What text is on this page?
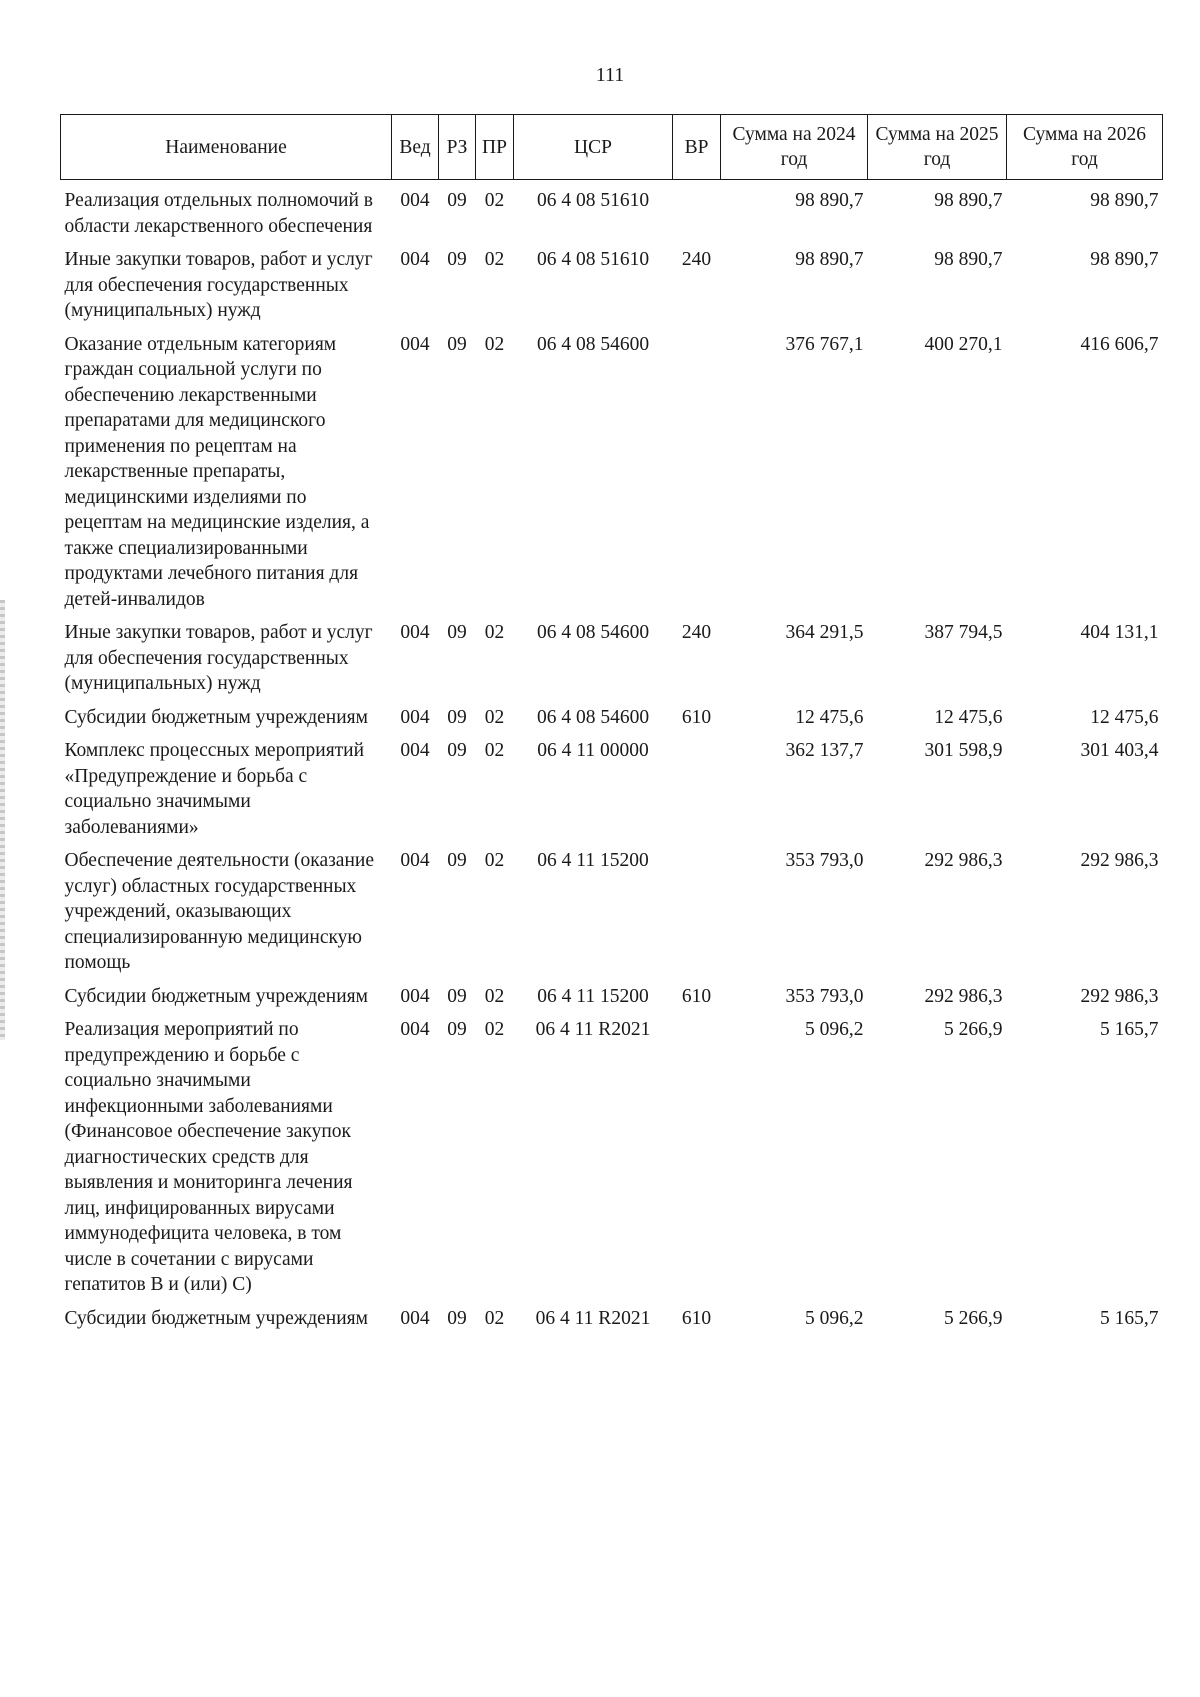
111
Наименование	Вед	РЗ	ПР	ЦСР	ВР	Сумма на 2024 год	Сумма на 2025 год	Сумма на 2026 год
Реализация отдельных полномочий в области лекарственного обеспечения	004	09	02	06 4 08 51610		98 890,7	98 890,7	98 890,7
Иные закупки товаров, работ и услуг для обеспечения государственных (муниципальных) нужд	004	09	02	06 4 08 51610	240	98 890,7	98 890,7	98 890,7
Оказание отдельным категориям граждан социальной услуги по обеспечению лекарственными препаратами для медицинского применения по рецептам на лекарственные препараты, медицинскими изделиями по рецептам на медицинские изделия, а также специализированными продуктами лечебного питания для детей-инвалидов	004	09	02	06 4 08 54600		376 767,1	400 270,1	416 606,7
Иные закупки товаров, работ и услуг для обеспечения государственных (муниципальных) нужд	004	09	02	06 4 08 54600	240	364 291,5	387 794,5	404 131,1
Субсидии бюджетным учреждениям	004	09	02	06 4 08 54600	610	12 475,6	12 475,6	12 475,6
Комплекс процессных мероприятий «Предупреждение и борьба с социально значимыми заболеваниями»	004	09	02	06 4 11 00000		362 137,7	301 598,9	301 403,4
Обеспечение деятельности (оказание услуг) областных государственных учреждений, оказывающих специализированную медицинскую помощь	004	09	02	06 4 11 15200		353 793,0	292 986,3	292 986,3
Субсидии бюджетным учреждениям	004	09	02	06 4 11 15200	610	353 793,0	292 986,3	292 986,3
Реализация мероприятий по предупреждению и борьбе с социально значимыми инфекционными заболеваниями (Финансовое обеспечение закупок диагностических средств для выявления и мониторинга лечения лиц, инфицированных вирусами иммунодефицита человека, в том числе в сочетании с вирусами гепатитов В и (или) С)	004	09	02	06 4 11 R2021		5 096,2	5 266,9	5 165,7
Субсидии бюджетным учреждениям	004	09	02	06 4 11 R2021	610	5 096,2	5 266,9	5 165,7
